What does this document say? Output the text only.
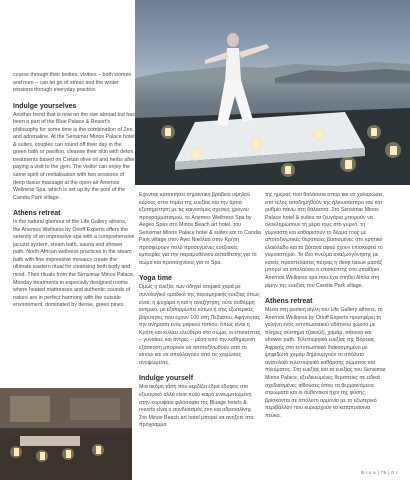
course through their bodies, visitors – both women and men – can let go of stress and the winter tensions through everyday practice.

Indulge yourselves

Another trend that is now on the rise abroad but has been a part of the Blue Palace & Resort's philosophy for some time is the combination of Zen and adrenaline. At the Sensimar Minos Palace hotel & suites, couples can round off their day in the green bath or pavilion, cleanse their skin with detox treatments based on Cretan olive oil and herbs after paying a visit to the gym. The visitor can enjoy the same spirit of revitalisation with two sessions of deep tissue massage at the open-air Anemos Wellness Spa, which is set up by the pool of the Candia Park village.

Athens retreat

In the natural glamour of the Life Gallery athens, the Anemos Wellness by Orloff Experts offers the serenity of an impressive spa with a comprehensive jacuzzi system, steam bath, sauna and shower path. North African wellness practices in the steam bath with fine impressive mosaics create the ultimate eastern ritual for cleansing both body and mind. Their rituals from the Sensimar Minos Palace, Monday treatments in especially designed rooms where heated mattresses and authentic sounds of nature are in perfect harmony with the outside environment, dominated by dense, green pines.

Εχοντας κατακτήσει σημαντική βραβεία υψηλού κύρους στον τομέα της ευεξίας και την άρτια εξυπηρέτηση με τις καινοτόμες σχεσεις χρονου προγραμματισμού, το Anemos Wellness Spa by Aegeo Spas στο Minos Beach art hotel, του Sensimar Minos Palace hotel & suites και το Candia Park village στον Άγιο Νικόλαο στην Κρήτη προσφέρουν πολύ προσεγμένες ευεξιακές εμπειρίες για την παραμυθένιου εκπαίθεσης για το σώμα και προπαιχνίους για το Spa.

Yoga time

Όμως η ευεξία, των οδηγεί ατομικά χαρά με συνολογικό ομαδικό της παναμηρικής ευεξίας όπως είναι, η ψυχάρα η και η αναζήτηση, ούτε αυθόρμη εκτιμικό, με εξισορρωπεί κύτων ή στις εξωτερικές βαρύτητες που έχουν 100 στη Πεδιάτου. Αφήνοντας την ανήρασα ενός μαρκού τοπίου, όπως είναι η Κρήτη και κυλάει ελεύθερα στο σώμα, οι επισκέπτες – γυναίκες και άντρες – μέσα από την καθημερινή εξάσκηση μπορούν να αποτοξινωθούν από το stress και να απαλλαγούν από τις χειμώνιες ανυψωμένες.

Indulge yourself

Μια ακόμη τάση που κερδίζει έδρα έδαφος στο εξωτερικό αλλά είναι πολύ καιρό ενσωματωμένη στην κορυφαία φιλοσοφία της Bluage hotels & resorts είναι ο συνδυασμός zen και αδρεναλίνης. Στο Minos Beach art hotel μπορεί να ανήξετε στα πρόγραμμα

της ημέρας που θαλάσσια σπορ και να χαλαρώσει, στο τέλος αποδημήθούν της ήλιουσάσπρο του κατ ρυθμίο πάνω στη θάλασσα. Στο Sensimar Minos Palace hotel & suites τα ζευγάρια μπορούν να ολοκληρώσουν τη μέρα τους στο γυμνό, τη γυμναστή και καθαρισουν το δέρμα τους με αποτοξινωτικές θεραπείες βασισμένες στο κρητικό ελαιόλαδο και τα βότανα αφού έχουν επισκεφτεί το γυμναστήριο. Το ίδιο πνεύμα αναζωογόνησης με καινές προσπελάσεις πέτρας ή deep tissue μασάζ μπορεί να απολαύσει ο επισκέπτης στο υπαίθριο Anemos Wellness spa που έχει στηθεί δίπλα στη ρίμην της ευεξίας του Candia Park village.

Athens retreat

Μέσα στη φυσική αίγλη του Life Gallery athens, το Anemos Wellness by Orloff Experts προσφέρει τη γαλήνη ενός εντυπωσιακού υδάτινου χώρου με πλήρες σύστημα τζακούζι, χαμάμ, σάουνα και shower path. Τελετουργικά ευεξίας της Βόρειας Αφρικής στο εντυπωσιακό διακοσμημένο με ψηφιδωτά χαμάμ δημιουργούν το απόλυτο ανατολικό τελετουργικό καθάρσης σώματος και πνεύματος. Στη ευεξίας και τα ευεξίας του Sensimar Minos Palace, εξειδικευμένες θεραπείες σε ειδικά σχεδιασμένες αίθουσες όπου τα θερμαινόμενα στρώματα και οι αυθεντικοί ήχοι της φύσης βρίσκονται σε απόλυτη αρμονία με το εξωτερικό περιβάλλον που κυριαρχούν τα καταπράσινα πεύκα.

B l u e | 79 | G r
